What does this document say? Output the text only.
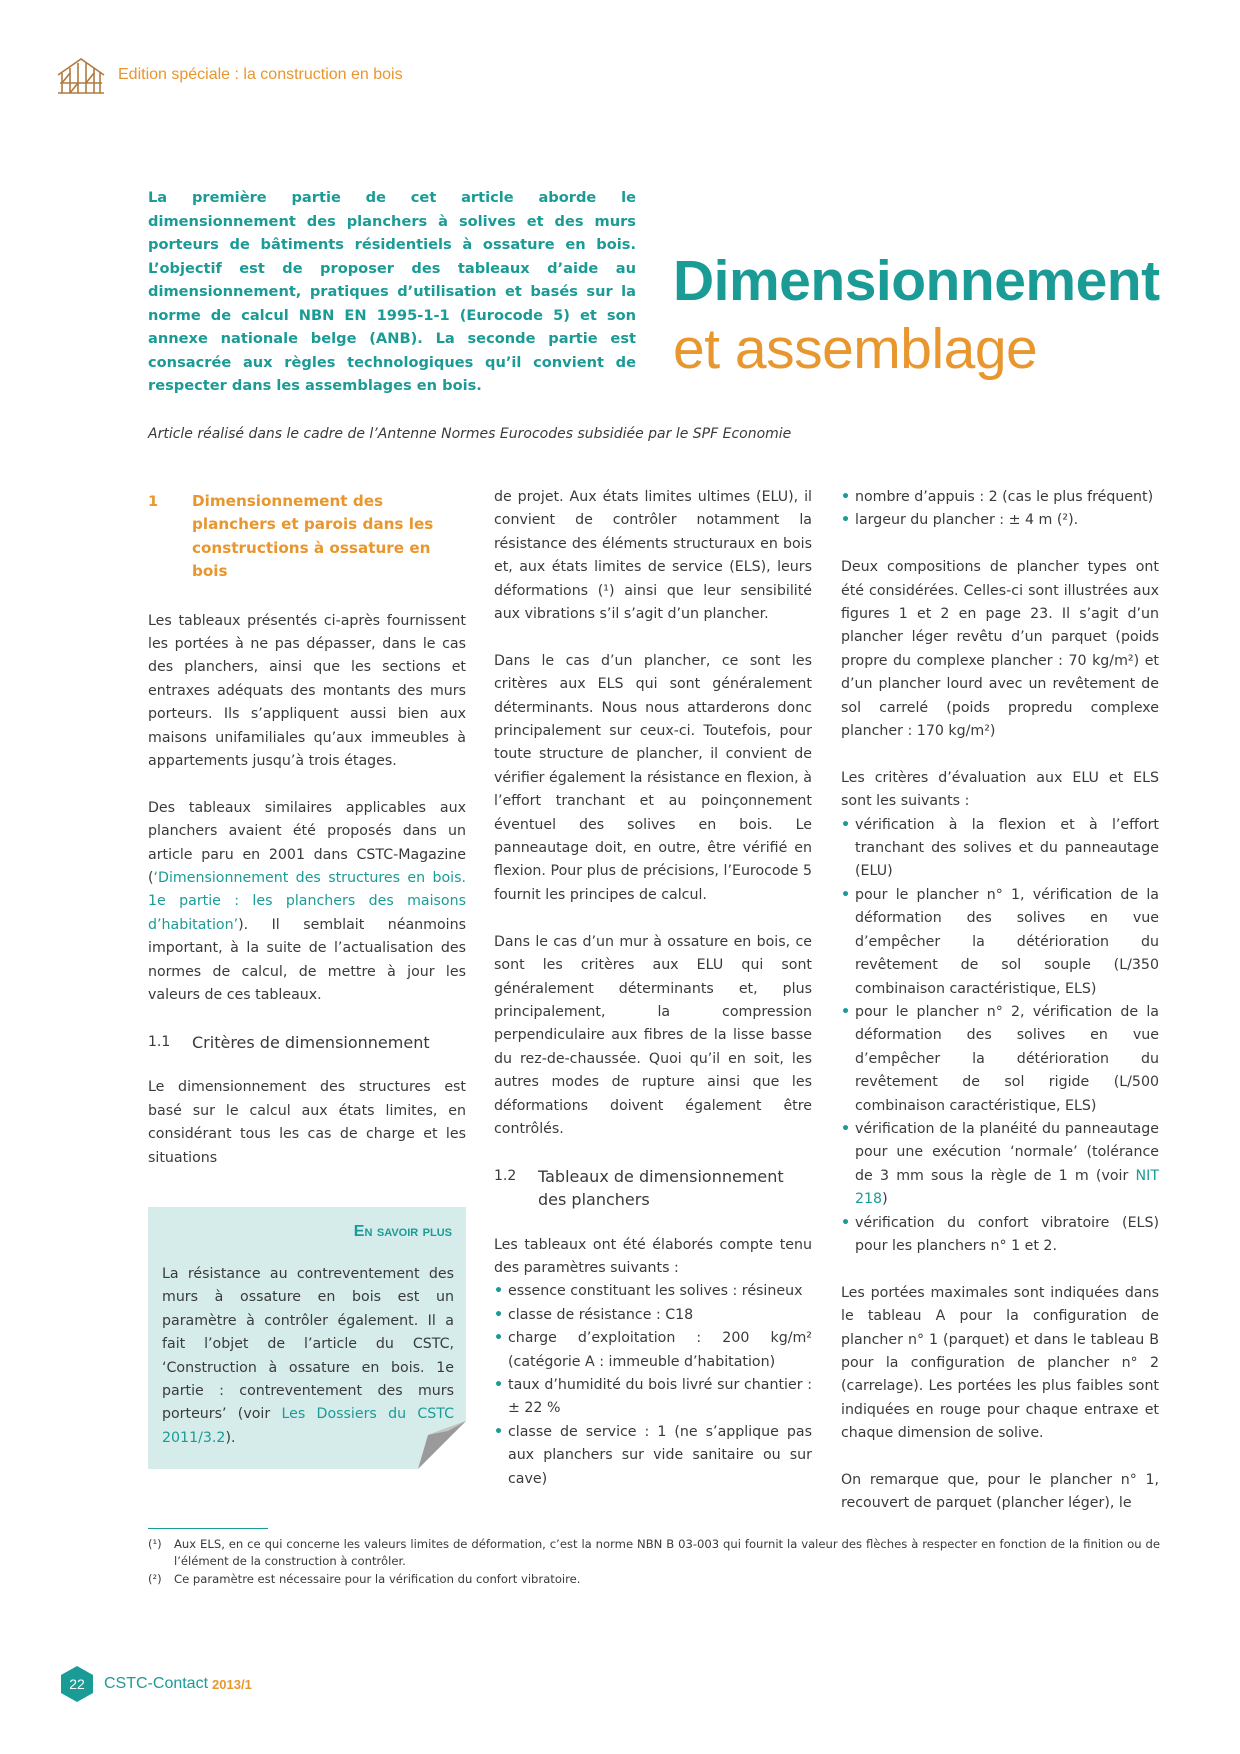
Edition spéciale : la construction en bois
La première partie de cet article aborde le dimensionnement des planchers à solives et des murs porteurs de bâtiments résidentiels à ossature en bois. L’objectif est de proposer des tableaux d’aide au dimensionnement, pratiques d’utilisation et basés sur la norme de calcul NBN EN 1995-1-1 (Eurocode 5) et son annexe nationale belge (ANB). La seconde partie est consacrée aux règles technologiques qu’il convient de respecter dans les assemblages en bois.
Dimensionnement
et assemblage
Article réalisé dans le cadre de l’Antenne Normes Eurocodes subsidiée par le SPF Economie
1	Dimensionnement des planchers et parois dans les constructions à ossature en bois

Les tableaux présentés ci-après fournissent les portées à ne pas dépasser, dans le cas des planchers, ainsi que les sections et entraxes adéquats des montants des murs porteurs. Ils s’appliquent aussi bien aux maisons unifamiliales qu’aux immeubles à appartements jusqu’à trois étages.

Des tableaux similaires applicables aux planchers avaient été proposés dans un article paru en 2001 dans CSTC-Magazine (‘Dimensionnement des structures en bois. 1e partie : les planchers des maisons d’habitation’). Il semblait néanmoins important, à la suite de l’actualisation des normes de calcul, de mettre à jour les valeurs de ces tableaux.

1.1	Critères de dimensionnement

Le dimensionnement des structures est basé sur le calcul aux états limites, en considérant tous les cas de charge et les situations

En savoir plus

La résistance au contreventement des murs à ossature en bois est un paramètre à contrôler également. Il a fait l’objet de l’article du CSTC, ‘Construction à ossature en bois. 1e partie : contreventement des murs porteurs’ (voir Les Dossiers du CSTC 2011/3.2).

de projet. Aux états limites ultimes (ELU), il convient de contrôler notamment la résistance des éléments structuraux en bois et, aux états limites de service (ELS), leurs déformations (¹) ainsi que leur sensibilité aux vibrations s’il s’agit d’un plancher.

Dans le cas d’un plancher, ce sont les critères aux ELS qui sont généralement déterminants. Nous nous attarderons donc principalement sur ceux-ci. Toutefois, pour toute structure de plancher, il convient de vérifier également la résistance en flexion, à l’effort tranchant et au poinçonnement éventuel des solives en bois. Le panneautage doit, en outre, être vérifié en flexion. Pour plus de précisions, l’Eurocode 5 fournit les principes de calcul.

Dans le cas d’un mur à ossature en bois, ce sont les critères aux ELU qui sont généralement déterminants et, plus principalement, la compression perpendiculaire aux fibres de la lisse basse du rez-de-chaussée. Quoi qu’il en soit, les autres modes de rupture ainsi que les déformations doivent également être contrôlés.

1.2	Tableaux de dimensionnement des planchers

Les tableaux ont été élaborés compte tenu des paramètres suivants :

• essence constituant les solives : résineux
• classe de résistance : C18
• charge d’exploitation : 200 kg/m² (catégorie A : immeuble d’habitation)
• taux d’humidité du bois livré sur chantier : ± 22 %
• classe de service : 1 (ne s’applique pas aux planchers sur vide sanitaire ou sur cave)
• nombre d’appuis : 2 (cas le plus fréquent)
• largeur du plancher : ± 4 m (²).

Deux compositions de plancher types ont été considérées. Celles-ci sont illustrées aux figures 1 et 2 en page 23. Il s’agit d’un plancher léger revêtu d’un parquet (poids propre du complexe plancher : 70 kg/m²) et d’un plancher lourd avec un revêtement de sol carrelé (poids propredu complexe plancher : 170 kg/m²)

Les critères d’évaluation aux ELU et ELS sont les suivants :

• vérification à la flexion et à l’effort tranchant des solives et du panneautage (ELU)
• pour le plancher n° 1, vérification de la déformation des solives en vue d’empêcher la détérioration du revêtement de sol souple (L/350 combinaison caractéristique, ELS)
• pour le plancher n° 2, vérification de la déformation des solives en vue d’empêcher la détérioration du revêtement de sol rigide (L/500 combinaison caractéristique, ELS)
• vérification de la planéité du panneautage pour une exécution ‘normale’ (tolérance de 3 mm sous la règle de 1 m (voir NIT 218)
• vérification du confort vibratoire (ELS) pour les planchers n° 1 et 2.

Les portées maximales sont indiquées dans le tableau A pour la configuration de plancher n° 1 (parquet) et dans le tableau B pour la configuration de plancher n° 2 (carrelage). Les portées les plus faibles sont indiquées en rouge pour chaque entraxe et chaque dimension de solive.

On remarque que, pour le plancher n° 1, recouvert de parquet (plancher léger), le

(¹)	Aux ELS, en ce qui concerne les valeurs limites de déformation, c’est la norme NBN B 03-003 qui fournit la valeur des flèches à respecter en fonction de la finition ou de l’élément de la construction à contrôler.
(²)	Ce paramètre est nécessaire pour la vérification du confort vibratoire.
22 CSTC-Contact 2013/1
